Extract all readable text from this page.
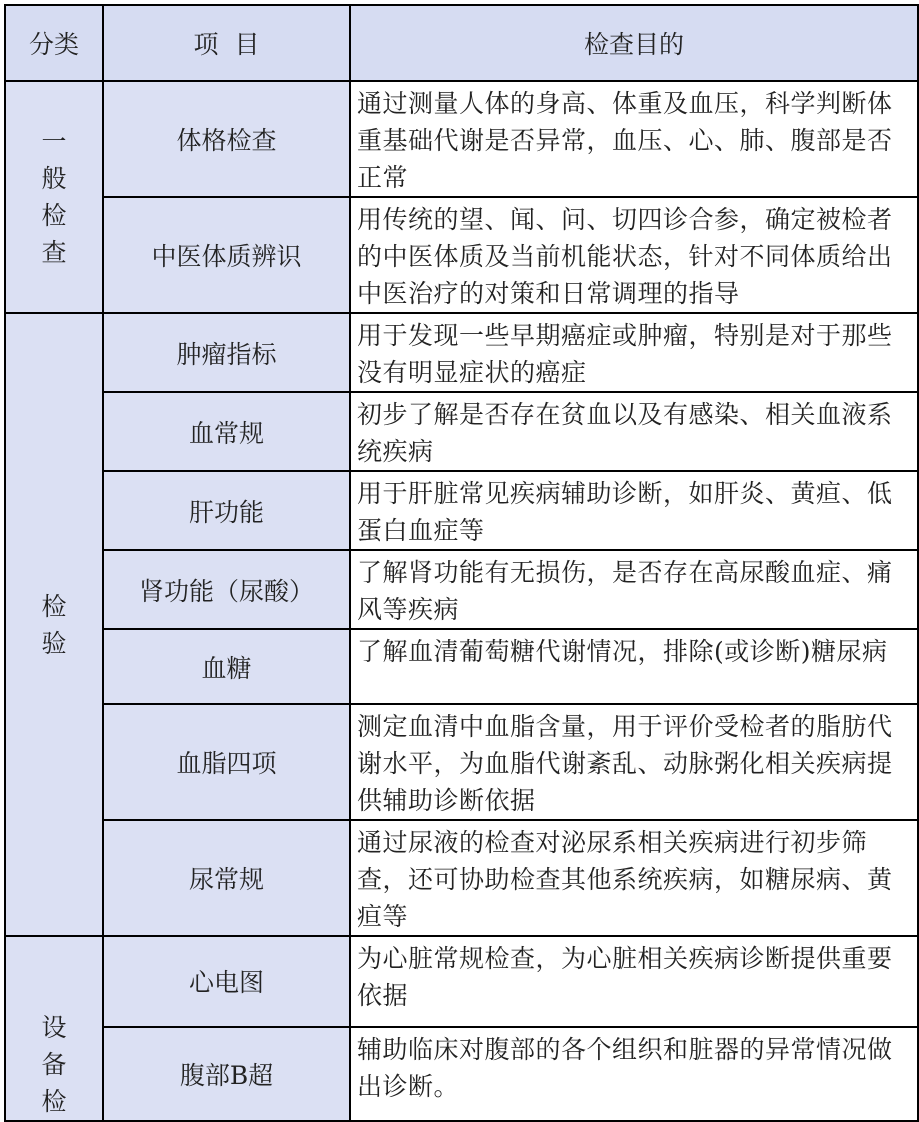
分类	项  目	检查目的

一般检查	体格检查	通过测量人体的身高、体重及血压，科学判断体重基础代谢是否异常，血压、心、肺、腹部是否正常
	中医体质辨识	用传统的望、闻、问、切四诊合参，确定被检者的中医体质及当前机能状态，针对不同体质给出中医治疗的对策和日常调理的指导

检验	肿瘤指标	用于发现一些早期癌症或肿瘤，特别是对于那些没有明显症状的癌症
	血常规	初步了解是否存在贫血以及有感染、相关血液系统疾病
	肝功能	用于肝脏常见疾病辅助诊断，如肝炎、黄疸、低蛋白血症等
	肾功能（尿酸）	了解肾功能有无损伤，是否存在高尿酸血症、痛风等疾病
	血糖	了解血清葡萄糖代谢情况，排除(或诊断)糖尿病
	血脂四项	测定血清中血脂含量，用于评价受检者的脂肪代谢水平，为血脂代谢紊乱、动脉粥化相关疾病提供辅助诊断依据
	尿常规	通过尿液的检查对泌尿系相关疾病进行初步筛查，还可协助检查其他系统疾病，如糖尿病、黄疸等

设备检	心电图	为心脏常规检查，为心脏相关疾病诊断提供重要依据
	腹部B超	辅助临床对腹部的各个组织和脏器的异常情况做出诊断。
